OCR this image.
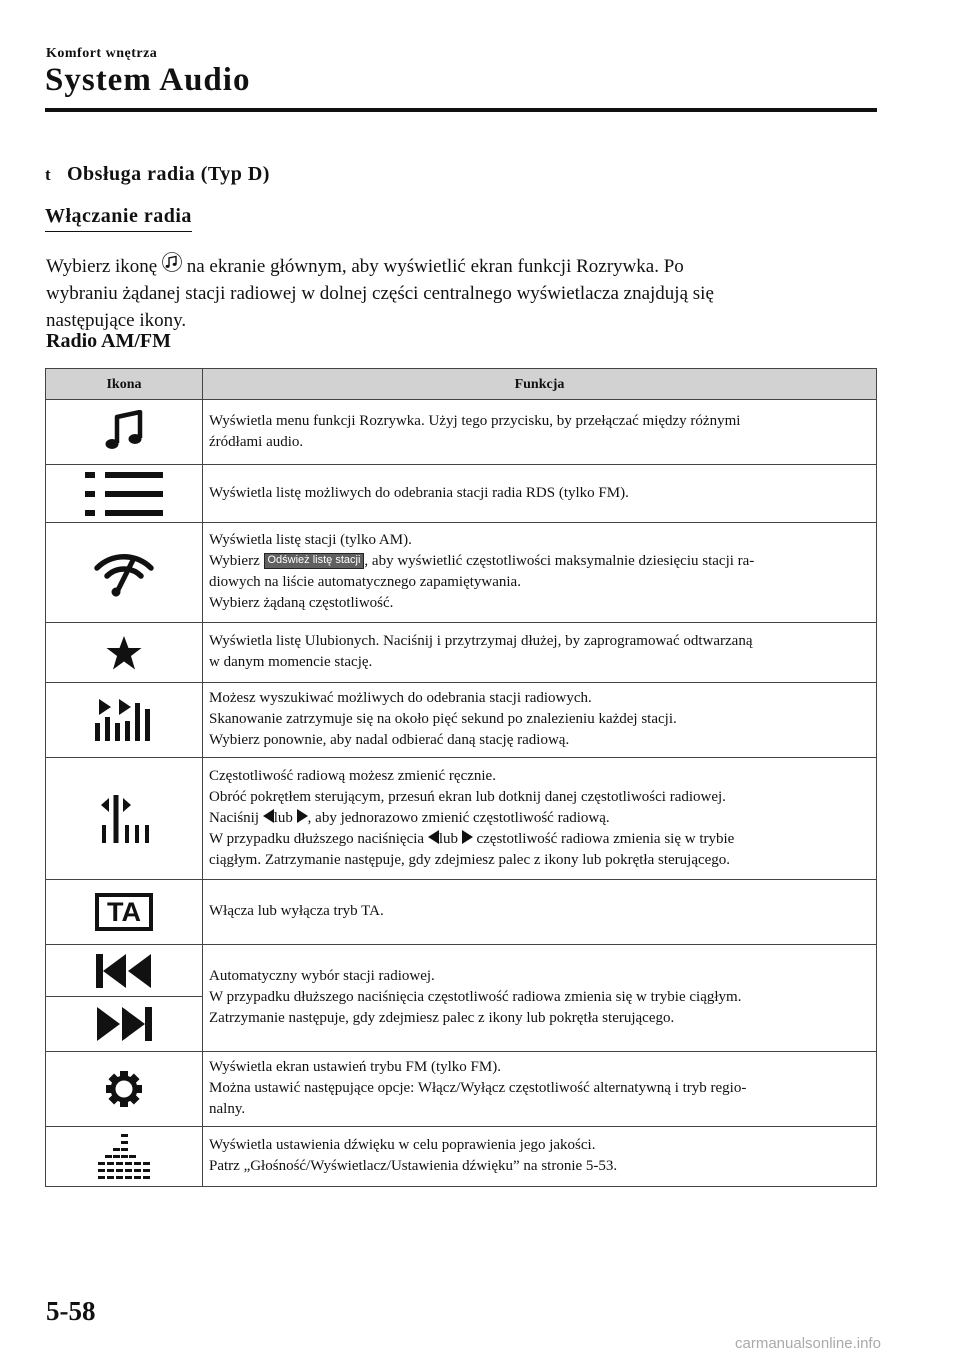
Komfort wnętrza
System Audio
t Obsługa radia (Typ D)
Włączanie radia

Wybierz ikonę na ekranie głównym, aby wyświetlić ekran funkcji Rozrywka. Po
wybraniu żądanej stacji radiowej w dolnej części centralnego wyświetlacza znajdują się
następujące ikony.

Radio AM/FM
Ikona	Funkcja

Wyświetla menu funkcji Rozrywka. Użyj tego przycisku, by przełączać między różnymi
źródłami audio.

Wyświetla listę możliwych do odebrania stacji radia RDS (tylko FM).

Wyświetla listę stacji (tylko AM).
Wybierz Odśwież listę stacji , aby wyświetlić częstotliwości maksymalnie dziesięciu stacji ra-
diowych na liście automatycznego zapamiętywania.
Wybierz żądaną częstotliwość.

Wyświetla listę Ulubionych. Naciśnij i przytrzymaj dłużej, by zaprogramować odtwarzaną
w danym momencie stację.

Możesz wyszukiwać możliwych do odebrania stacji radiowych.
Skanowanie zatrzymuje się na około pięć sekund po znalezieniu każdej stacji.
Wybierz ponownie, aby nadal odbierać daną stację radiową.

Częstotliwość radiową możesz zmienić ręcznie.
Obróć pokrętłem sterującym, przesuń ekran lub dotknij danej częstotliwości radiowej.
Naciśnij lub , aby jednorazowo zmienić częstotliwość radiową.
W przypadku dłuższego naciśnięcia lub częstotliwość radiowa zmienia się w trybie
ciągłym. Zatrzymanie następuje, gdy zdejmiesz palec z ikony lub pokrętła sterującego.

TA	Włącza lub wyłącza tryb TA.

Automatyczny wybór stacji radiowej.
W przypadku dłuższego naciśnięcia częstotliwość radiowa zmienia się w trybie ciągłym.
Zatrzymanie następuje, gdy zdejmiesz palec z ikony lub pokrętła sterującego.

Wyświetla ekran ustawień trybu FM (tylko FM).
Można ustawić następujące opcje: Włącz/Wyłącz częstotliwość alternatywną i tryb regio-
nalny.

Wyświetla ustawienia dźwięku w celu poprawienia jego jakości.
Patrz „Głośność/Wyświetlacz/Ustawienia dźwięku” na stronie 5-53.
5-58
carmanualsonline.info
